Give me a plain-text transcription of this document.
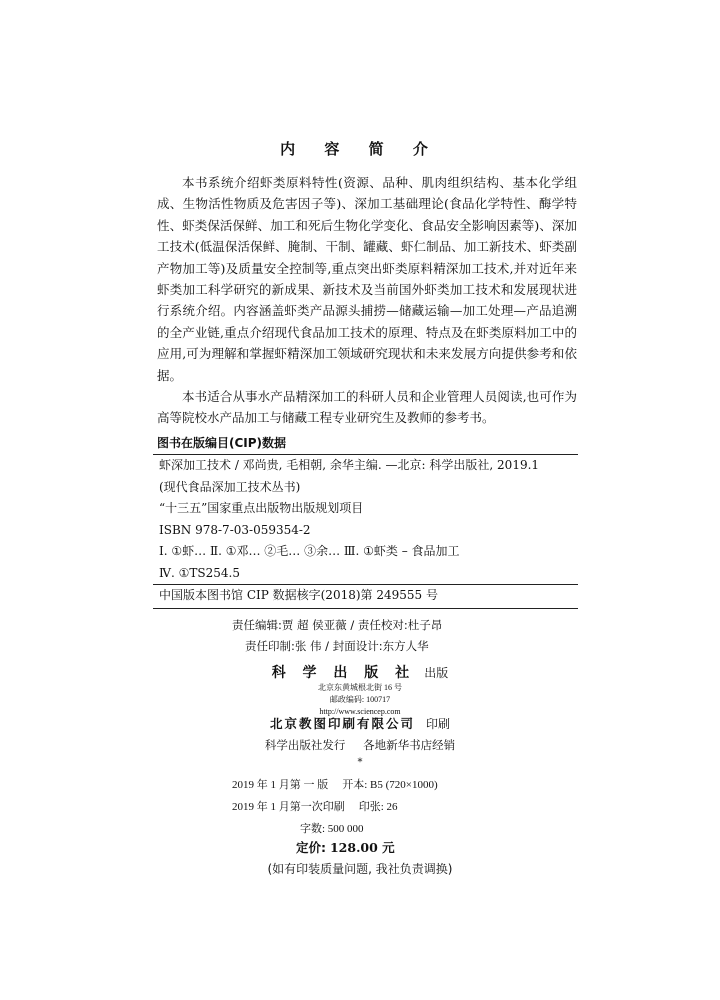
内 容 简 介

本书系统介绍虾类原料特性(资源、品种、肌肉组织结构、基本化学组成、生物活性物质及危害因子等)、深加工基础理论(食品化学特性、酶学特性、虾类保活保鲜、加工和死后生物化学变化、食品安全影响因素等)、深加工技术(低温保活保鲜、腌制、干制、罐藏、虾仁制品、加工新技术、虾类副产物加工等)及质量安全控制等,重点突出虾类原料精深加工技术,并对近年来虾类加工科学研究的新成果、新技术及当前国外虾类加工技术和发展现状进行系统介绍。内容涵盖虾类产品源头捕捞—储藏运输—加工处理—产品追溯的全产业链,重点介绍现代食品加工技术的原理、特点及在虾类原料加工中的应用,可为理解和掌握虾精深加工领域研究现状和未来发展方向提供参考和依据。

本书适合从事水产品精深加工的科研人员和企业管理人员阅读,也可作为高等院校水产品加工与储藏工程专业研究生及教师的参考书。

图书在版编目(CIP)数据
虾深加工技术 / 邓尚贵, 毛相朝, 余华主编. —北京: 科学出版社, 2019.1
(现代食品深加工技术丛书)
“十三五”国家重点出版物出版规划项目
ISBN 978-7-03-059354-2
Ⅰ. ①虾… Ⅱ. ①邓… ②毛… ③余… Ⅲ. ①虾类 – 食品加工
Ⅳ. ①TS254.5
中国版本图书馆 CIP 数据核字(2018)第 249555 号
责任编辑:贾 超 侯亚薇 / 责任校对:杜子昂
责任印制:张 伟 / 封面设计:东方人华
科 学 出 版 社 出版
北京东黄城根北街 16 号
邮政编码: 100717
http://www.sciencep.com
北京教图印刷有限公司 印刷
科学出版社发行 各地新华书店经销
*
2019 年 1 月第 一 版 开本: B5 (720×1000)
2019 年 1 月第一次印刷 印张: 26
字数: 500 000
定价: 128.00 元
(如有印装质量问题, 我社负责调换)
